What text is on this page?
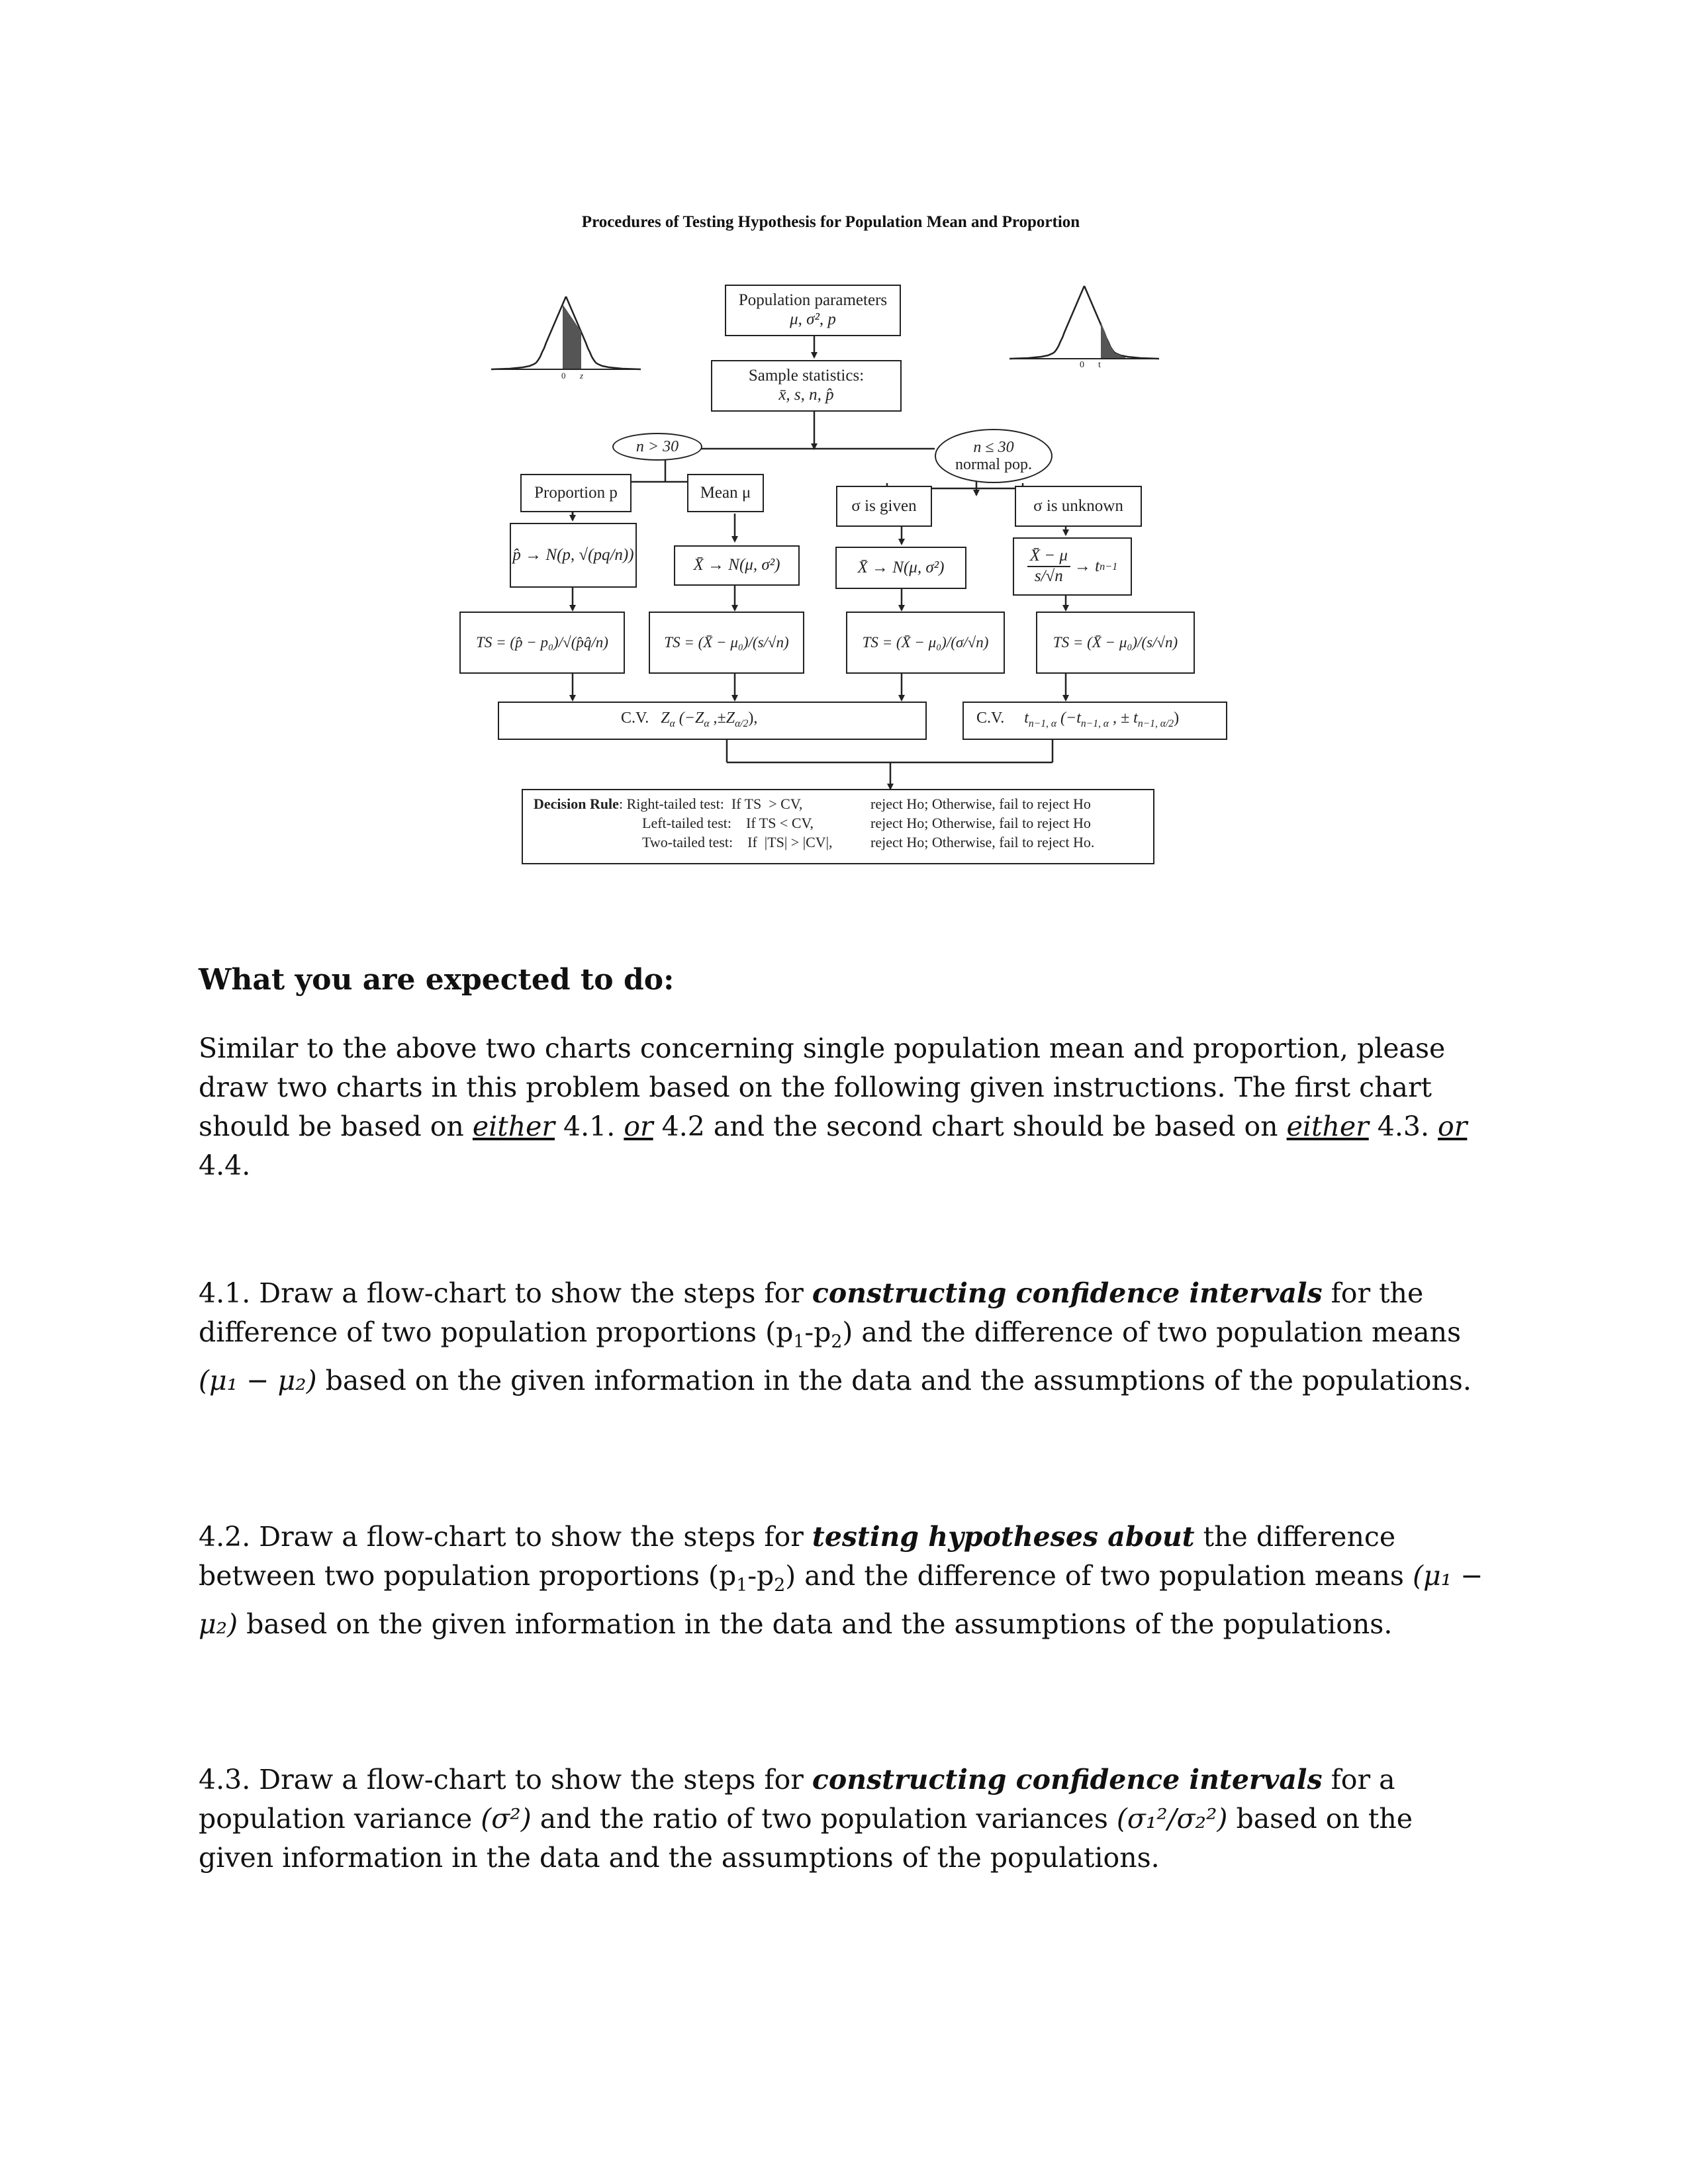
Procedures of Testing Hypothesis for Population Mean and Proportion
0 z
0 t
Population parameters
μ, σ², p
Sample statistics:
x̄, s, n, p̂
n > 30	n ≤ 30
normal pop.
Proportion p	Mean μ
σ is given	σ is unknown
p̂ → N(p, √(pq/n))
X̄ → N(μ, σ²)	X̄ → N(μ, σ²)
X̄ − μ
s/√n
→ t n−1
TS = (p̂ − p₀)/√(p̂q̂/n)	TS = (X̄ − μ₀)/(s/√n)	TS = (X̄ − μ₀)/(σ/√n)	TS = (X̄ − μ₀)/(s/√n)
C.V. $Z_\alpha$ ($-Z_\alpha$ $,\pm Z_{\alpha/2}$),	C.V. $t_{n-1, \alpha}$ ($-t_{n-1, \alpha}$ , ± $t_{n-1, \alpha/2}$)
Decision Rule: Right-tailed test:  If TS  > CV,	reject Ho; Otherwise, fail to reject Ho
Left-tailed test:    If TS < CV,	reject Ho; Otherwise, fail to reject Ho
Two-tailed test:    If  |TS| > |CV|,	reject Ho; Otherwise, fail to reject Ho.
What you are expected to do:

Similar to the above two charts concerning single population mean and proportion, please draw two charts in this problem based on the following given instructions. The first chart should be based on either 4.1. or 4.2 and the second chart should be based on either 4.3. or 4.4.

4.1. Draw a flow-chart to show the steps for constructing confidence intervals for the difference of two population proportions $(p_1-p_2)$ and the difference of two population means (μ₁ − μ₂) based on the given information in the data and the assumptions of the populations.

4.2. Draw a flow-chart to show the steps for testing hypotheses about the difference between two population proportions $(p_1-p_2)$ and the difference of two population means (μ₁ − μ₂) based on the given information in the data and the assumptions of the populations.

4.3. Draw a flow-chart to show the steps for constructing confidence intervals for a population variance (σ²) and the ratio of two population variances (σ₁²/σ₂²) based on the given information in the data and the assumptions of the populations.
